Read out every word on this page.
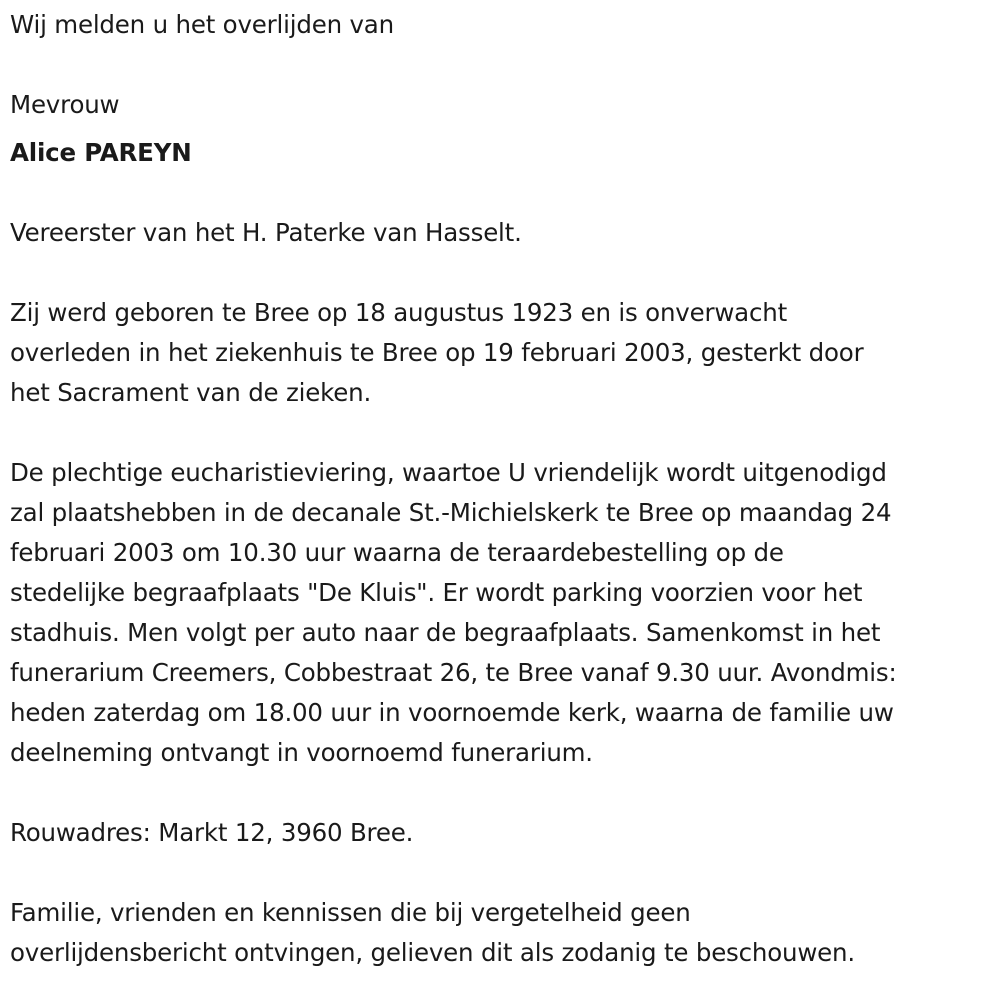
Wij melden u het overlijden van
Mevrouw
Alice PAREYN
Vereerster van het H. Paterke van Hasselt.
Zij werd geboren te Bree op 18 augustus 1923 en is onverwacht
overleden in het ziekenhuis te Bree op 19 februari 2003, gesterkt door
het Sacrament van de zieken.
De plechtige eucharistieviering, waartoe U vriendelijk wordt uitgenodigd
zal plaatshebben in de decanale St.-Michielskerk te Bree op maandag 24
februari 2003 om 10.30 uur waarna de teraardebestelling op de
stedelijke begraafplaats "De Kluis". Er wordt parking voorzien voor het
stadhuis. Men volgt per auto naar de begraafplaats. Samenkomst in het
funerarium Creemers, Cobbestraat 26, te Bree vanaf 9.30 uur. Avondmis:
heden zaterdag om 18.00 uur in voornoemde kerk, waarna de familie uw
deelneming ontvangt in voornoemd funerarium.
Rouwadres: Markt 12, 3960 Bree.
Familie, vrienden en kennissen die bij vergetelheid geen
overlijdensbericht ontvingen, gelieven dit als zodanig te beschouwen.
